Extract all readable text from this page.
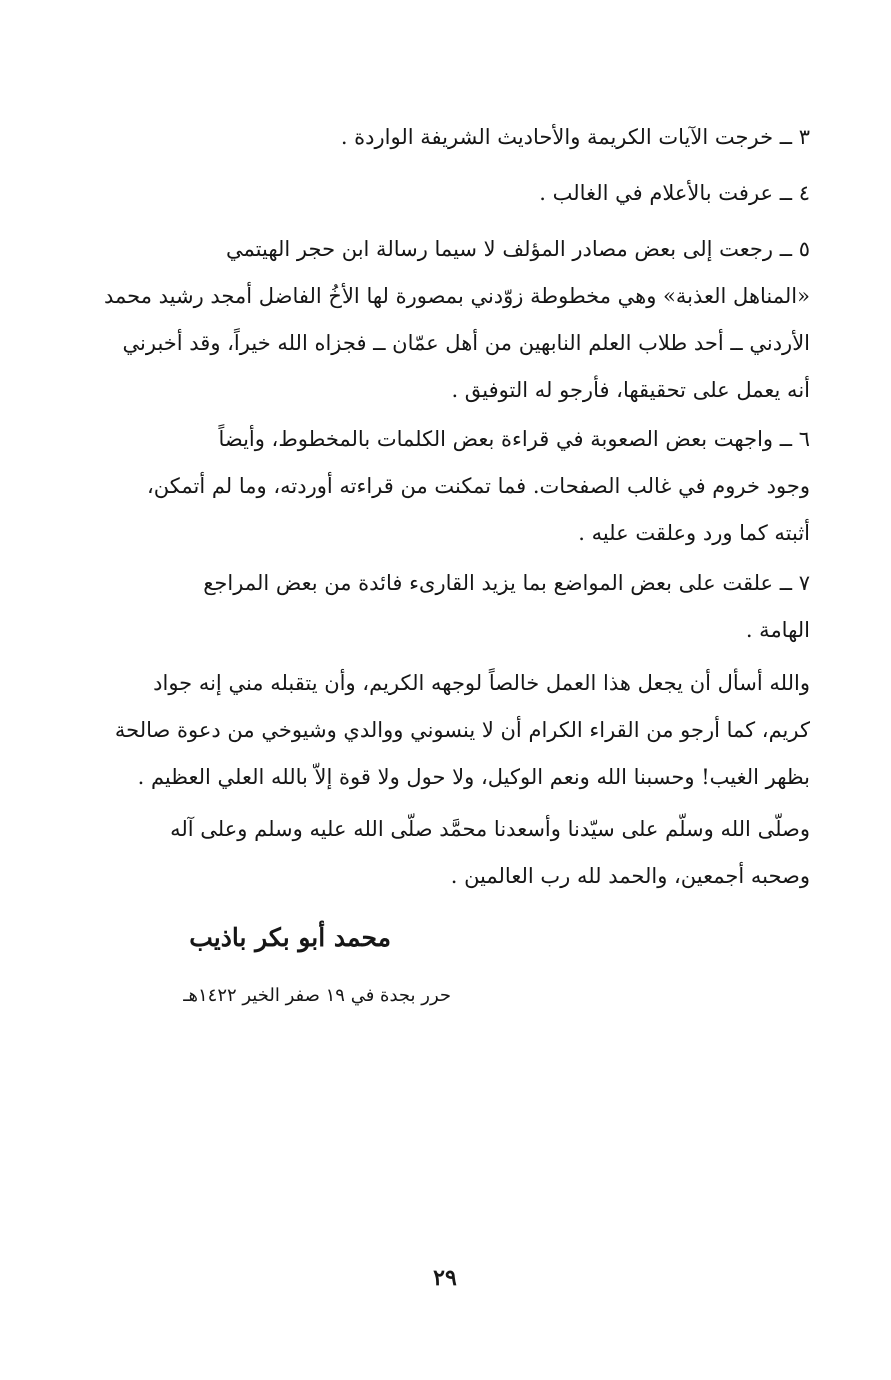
٣ ــ خرجت الآيات الكريمة والأحاديث الشريفة الواردة .
٤ ــ عرفت بالأعلام في الغالب .
٥ ــ رجعت إلى بعض مصادر المؤلف لا سيما رسالة ابن حجر الهيتمي
«المناهل العذبة» وهي مخطوطة زوّدني بمصورة لها الأخُ الفاضل أمجد رشيد محمد
الأردني ــ أحد طلاب العلم النابهين من أهل عمّان ــ فجزاه الله خيراً، وقد أخبرني
أنه يعمل على تحقيقها، فأرجو له التوفيق .
٦ ــ واجهت بعض الصعوبة في قراءة بعض الكلمات بالمخطوط، وأيضاً
وجود خروم في غالب الصفحات. فما تمكنت من قراءته أوردته، وما لم أتمكن،
أثبته كما ورد وعلقت عليه .
٧ ــ علقت على بعض المواضع بما يزيد القارىء فائدة من بعض المراجع
الهامة .
والله أسأل أن يجعل هذا العمل خالصاً لوجهه الكريم، وأن يتقبله مني إنه جواد
كريم، كما أرجو من القراء الكرام أن لا ينسوني ووالدي وشيوخي من دعوة صالحة
بظهر الغيب! وحسبنا الله ونعم الوكيل، ولا حول ولا قوة إلاّ بالله العلي العظيم .
وصلّى الله وسلّم على سيّدنا وأسعدنا محمَّد صلّى الله عليه وسلم وعلى آله
وصحبه أجمعين، والحمد لله رب العالمين .
محمد أبو بكر باذيب
حرر بجدة في ١٩ صفر الخير ١٤٢٢هـ
٢٩
